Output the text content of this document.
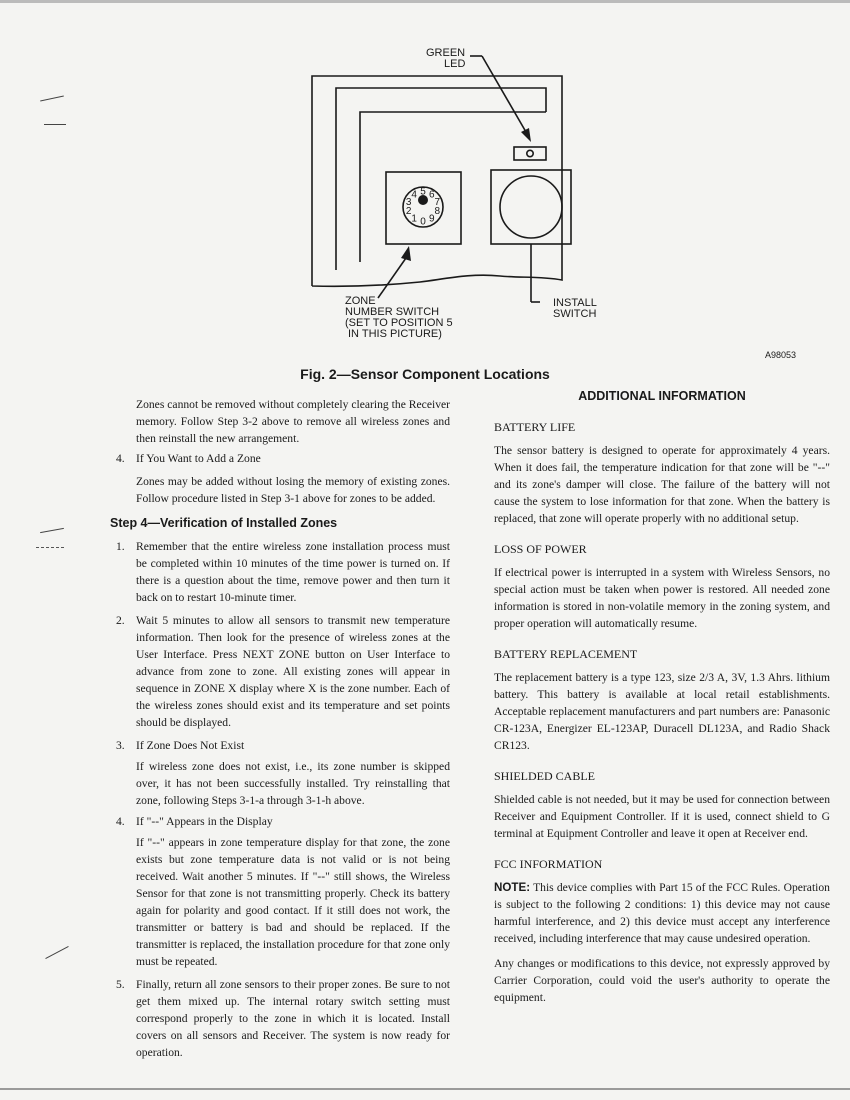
0
1
2
3
4 5 6
7
8
9
GREEN
LED
ZONE
NUMBER SWITCH
(SET TO POSITION 5
IN THIS PICTURE)
INSTALL
SWITCH
A98053
Fig. 2—Sensor Component Locations

Zones cannot be removed without completely clearing the Receiver memory. Follow Step 3-2 above to remove all wireless zones and then reinstall the new arrangement.

4. If You Want to Add a Zone

Zones may be added without losing the memory of existing zones. Follow procedure listed in Step 3-1 above for zones to be added.

Step 4—Verification of Installed Zones
1. Remember that the entire wireless zone installation process must be completed within 10 minutes of the time power is turned on. If there is a question about the time, remove power and then turn it back on to restart 10-minute timer.

2. Wait 5 minutes to allow all sensors to transmit new temperature information. Then look for the presence of wireless zones at the User Interface. Press NEXT ZONE button on User Interface to advance from zone to zone. All existing zones will appear in sequence in ZONE X display where X is the zone number. Each of the wireless zones should exist and its temperature and set points should be displayed.

3. If Zone Does Not Exist

If wireless zone does not exist, i.e., its zone number is skipped over, it has not been successfully installed. Try reinstalling that zone, following Steps 3-1-a through 3-1-h above.

4. If "--" Appears in the Display

If "--" appears in zone temperature display for that zone, the zone exists but zone temperature data is not valid or is not being received. Wait another 5 minutes. If "--" still shows, the Wireless Sensor for that zone is not transmitting properly. Check its battery again for polarity and good contact. If it still does not work, the transmitter or battery is bad and should be replaced. If the transmitter is replaced, the installation procedure for that zone only must be repeated.

5. Finally, return all zone sensors to their proper zones. Be sure to not get them mixed up. The internal rotary switch setting must correspond properly to the zone in which it is located. Install covers on all sensors and Receiver. The system is now ready for operation.

ADDITIONAL INFORMATION
BATTERY LIFE

The sensor battery is designed to operate for approximately 4 years. When it does fail, the temperature indication for that zone will be "--" and its zone's damper will close. The failure of the battery will not cause the system to lose information for that zone. When the battery is replaced, that zone will operate properly with no additional setup.

LOSS OF POWER

If electrical power is interrupted in a system with Wireless Sensors, no special action must be taken when power is restored. All needed zone information is stored in non-volatile memory in the zoning system, and proper operation will automatically resume.

BATTERY REPLACEMENT

The replacement battery is a type 123, size 2/3 A, 3V, 1.3 Ahrs. lithium battery. This battery is available at local retail establishments. Acceptable replacement manufacturers and part numbers are: Panasonic CR-123A, Energizer EL-123AP, Duracell DL123A, and Radio Shack CR123.

SHIELDED CABLE

Shielded cable is not needed, but it may be used for connection between Receiver and Equipment Controller. If it is used, connect shield to G terminal at Equipment Controller and leave it open at Receiver end.

FCC INFORMATION

NOTE: This device complies with Part 15 of the FCC Rules. Operation is subject to the following 2 conditions: 1) this device may not cause harmful interference, and 2) this device must accept any interference received, including interference that may cause undesired operation.

Any changes or modifications to this device, not expressly approved by Carrier Corporation, could void the user's authority to operate the equipment.
